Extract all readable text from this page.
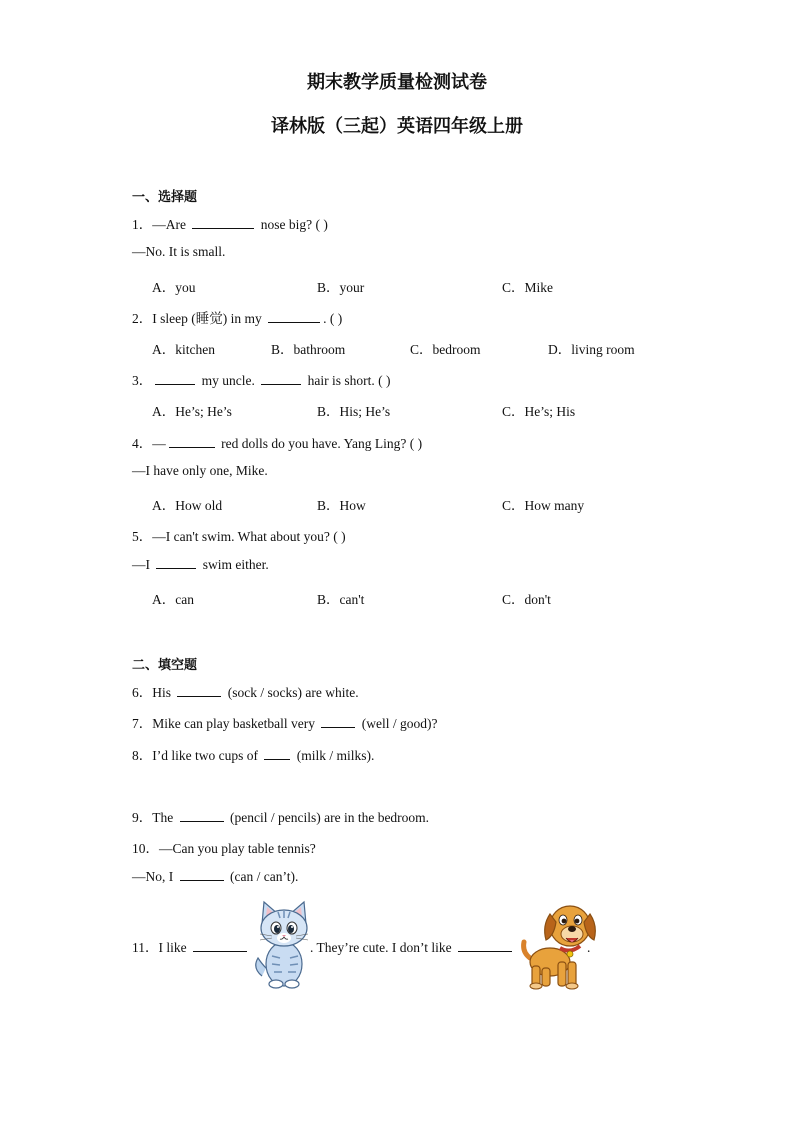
期末教学质量检测试卷
译林版（三起）英语四年级上册
一、选择题
1．—Are	nose big? ( )
—No. It is small.
A．you	B．your	C．Mike
2．I sleep (睡觉) in my	. ( )
A．kitchen	B．bathroom	C．bedroom	D．living room
3．	my uncle.	hair is short. ( )
A．He’s; He’s	B．His; He’s	C．He’s; His
4．—	red dolls do you have. Yang Ling? ( )
—I have only one, Mike.
A．How old	B．How	C．How many
5．—I can't swim. What about you? ( )
—I	swim either.
A．can	B．can't	C．don't
二、填空题
6．His	(sock / socks) are white.
7．Mike can play basketball very	(well / good)?
8．I’d like two cups of  (milk / milks).
9．The	(pencil / pencils) are in the bedroom.
10．—Can you play table tennis?
—No, I	(can / can’t).
11．I like	. They’re cute. I don’t like	.
